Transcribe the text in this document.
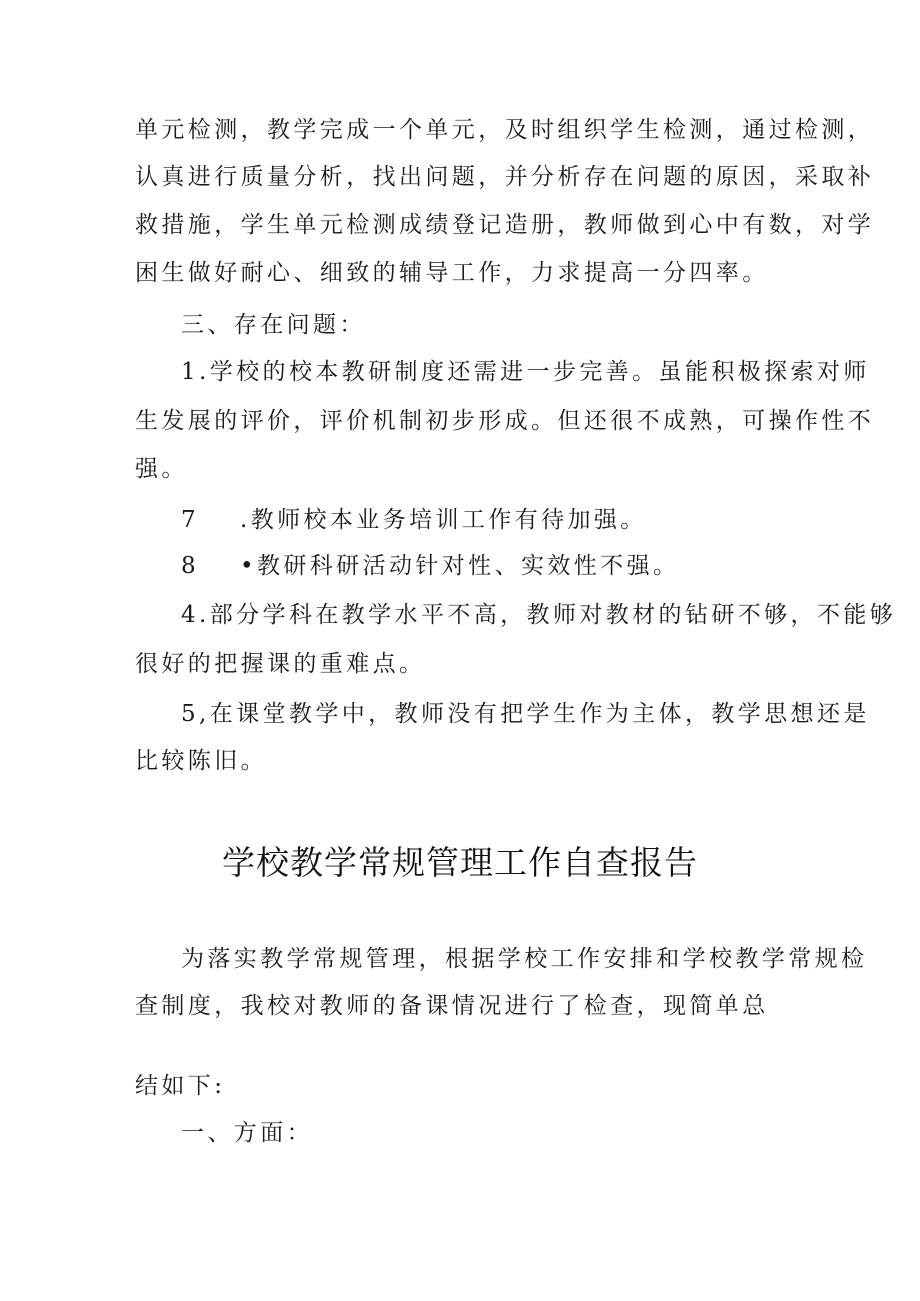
单元检测，教学完成一个单元，及时组织学生检测，通过检测，
认真进行质量分析，找出问题，并分析存在问题的原因，采取补
救措施，学生单元检测成绩登记造册，教师做到心中有数，对学
困生做好耐心、细致的辅导工作，力求提高一分四率。
三、存在问题：
1.学校的校本教研制度还需进一步完善。虽能积极探索对师
生发展的评价，评价机制初步形成。但还很不成熟，可操作性不
强。
7 .教师校本业务培训工作有待加强。
8 •教研科研活动针对性、实效性不强。
4.部分学科在教学水平不高，教师对教材的钻研不够，不能够
很好的把握课的重难点。
5,在课堂教学中，教师没有把学生作为主体，教学思想还是
比较陈旧。
学校教学常规管理工作自查报告
为落实教学常规管理，根据学校工作安排和学校教学常规检
查制度，我校对教师的备课情况进行了检查，现简单总
结如下:
一、方面：
